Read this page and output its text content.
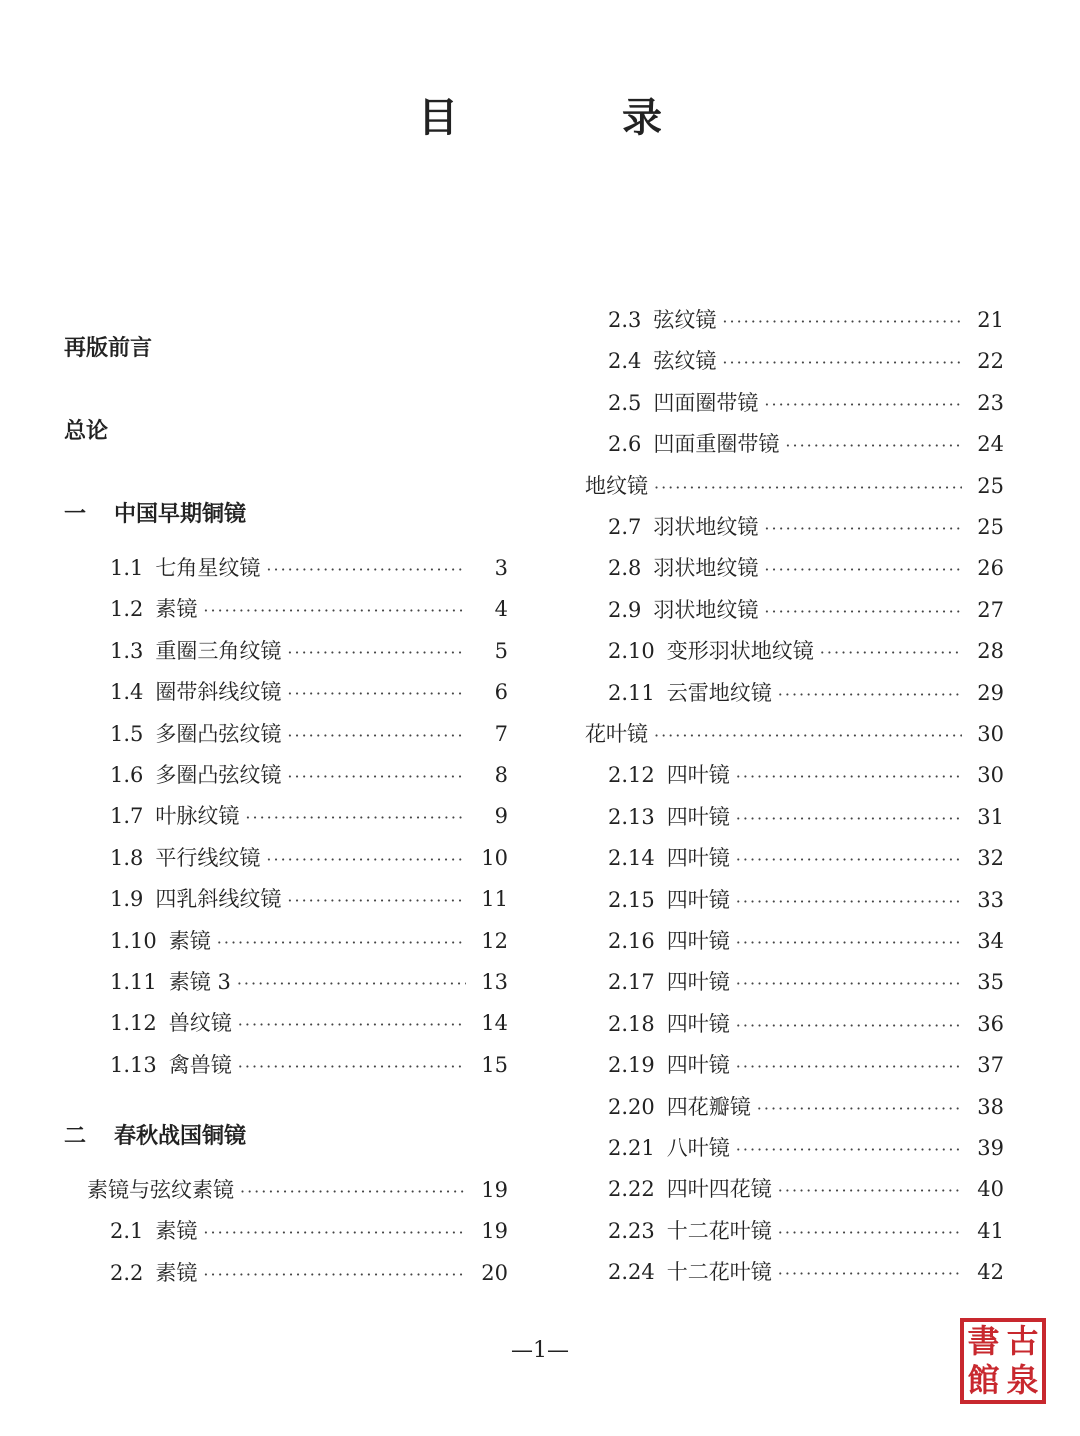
目　录
再版前言
总论
一 中国早期铜镜
二 春秋战国铜镜
1.1 七角星纹镜 ·····	3
1.2 素镜 ·····	4
1.3 重圈三角纹镜 ·····	5
1.4 圈带斜线纹镜 ·····	6
1.5 多圈凸弦纹镜 ·····	7
1.6 多圈凸弦纹镜 ·····	8
1.7 叶脉纹镜 ·····	9
1.8 平行线纹镜 ·····	10
1.9 四乳斜线纹镜 ·····	11
1.10 素镜 ·····	12
1.11 素镜 3 ·····	13
1.12 兽纹镜 ·····	14
1.13 禽兽镜 ·····	15
素镜与弦纹素镜 ·····	19
2.1 素镜 ·····	19
2.2 素镜 ·····	20
2.3 弦纹镜 ·····	21
2.4 弦纹镜 ·····	22
2.5 凹面圈带镜 ·····	23
2.6 凹面重圈带镜 ·····	24
地纹镜 ·····	25
2.7 羽状地纹镜 ·····	25
2.8 羽状地纹镜 ·····	26
2.9 羽状地纹镜 ·····	27
2.10 变形羽状地纹镜 ·····	28
2.11 云雷地纹镜 ·····	29
花叶镜 ·····	30
2.12 四叶镜 ·····	30
2.13 四叶镜 ·····	31
2.14 四叶镜 ·····	32
2.15 四叶镜 ·····	33
2.16 四叶镜 ·····	34
2.17 四叶镜 ·····	35
2.18 四叶镜 ·····	36
2.19 四叶镜 ·····	37
2.20 四花瓣镜 ·····	38
2.21 八叶镜 ·····	39
2.22 四叶四花镜 ·····	40
2.23 十二花叶镜 ·····	41
2.24 十二花叶镜 ·····	42
—1—	書 古
館 泉
